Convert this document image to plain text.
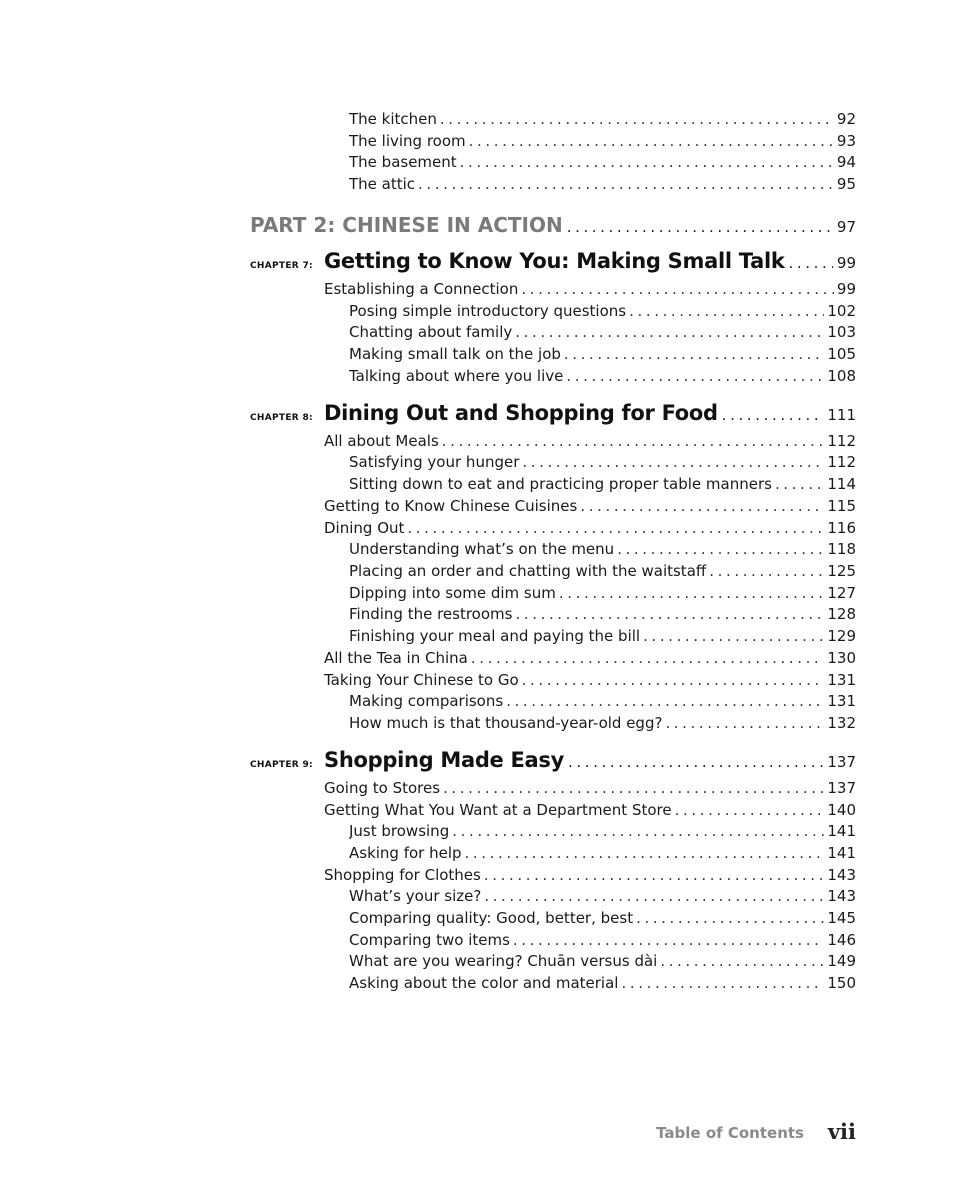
The kitchen .....	92
The living room .....	93
The basement .....	94
The attic .....	95
PART 2: CHINESE IN ACTION .....	97
CHAPTER 7: Getting to Know You: Making Small Talk .....	99
Establishing a Connection .....	99
Posing simple introductory questions .....	102
Chatting about family .....	103
Making small talk on the job .....	105
Talking about where you live .....	108
CHAPTER 8: Dining Out and Shopping for Food .....	111
All about Meals .....	112
Satisfying your hunger .....	112
Sitting down to eat and practicing proper table manners .....	114
Getting to Know Chinese Cuisines .....	115
Dining Out .....	116
Understanding what’s on the menu .....	118
Placing an order and chatting with the waitstaff .....	125
Dipping into some dim sum .....	127
Finding the restrooms .....	128
Finishing your meal and paying the bill .....	129
All the Tea in China .....	130
Taking Your Chinese to Go .....	131
Making comparisons .....	131
How much is that thousand-year-old egg? .....	132
CHAPTER 9: Shopping Made Easy .....	137
Going to Stores .....	137
Getting What You Want at a Department Store .....	140
Just browsing .....	141
Asking for help .....	141
Shopping for Clothes .....	143
What’s your size? .....	143
Comparing quality: Good, better, best .....	145
Comparing two items .....	146
What are you wearing? Chuān versus dài .....	149
Asking about the color and material .....	150
Table of Contents vii
